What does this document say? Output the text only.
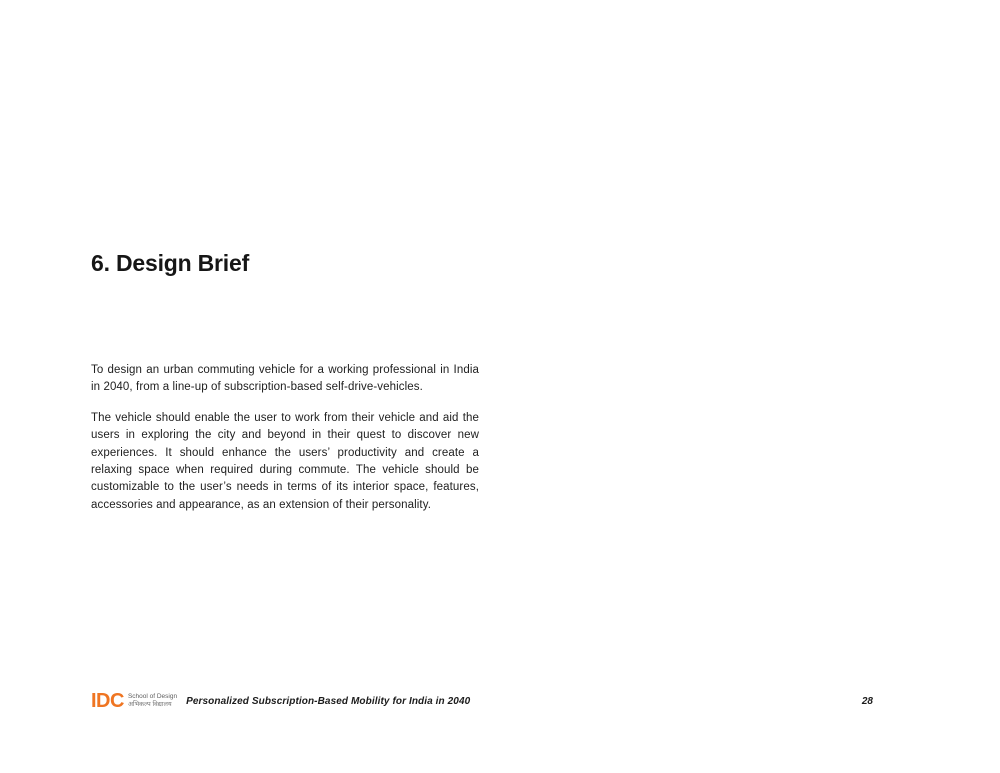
6. Design Brief

To design an urban commuting vehicle for a working professional in India in 2040, from a line-up of subscription-based self-drive-vehicles.

The vehicle should enable the user to work from their vehicle and aid the users in exploring the city and beyond in their quest to discover new experiences. It should enhance the users’ productivity and create a relaxing space when required during commute. The vehicle should be customizable to the user’s needs in terms of its interior space, features, accessories and appearance, as an extension of their personality.

IDC School of Design
अभिकल्प विद्यालय	Personalized Subscription-Based Mobility for India in 2040	28
